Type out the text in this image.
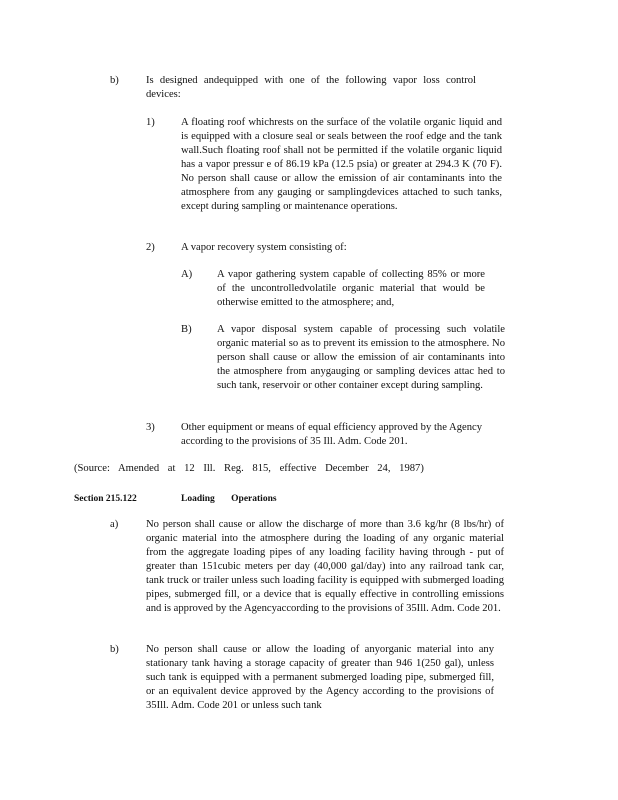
b)	Is designed andequipped with one of the following vapor loss control devices:
1) A floating roof whichrests on the surface of the volatile organic liquid and is equipped with a closure seal or seals between the roof edge and the tank wall.Such floating roof shall not be permitted if the volatile organic liquid has a vapor pressur e of 86.19 kPa (12.5 psia) or greater at 294.3 K (70 F). No person shall cause or allow the emission of air contaminants into the atmosphere from any gauging or samplingdevices attached to such tanks, except during sampling or maintenance operations.
2) A vapor recovery system consisting of:
A) A vapor gathering system capable of collecting 85% or more of the uncontrolledvolatile organic material that would be otherwise emitted to the atmosphere; and,
B) A vapor disposal system capable of processing such volatile organic material so as to prevent its emission to the atmosphere. No person shall cause or allow the emission of air contaminants into the atmosphere from anygauging or sampling devices attac hed to such tank, reservoir or other container except during sampling.
3) Other equipment or means of equal efficiency approved by the Agency according to the provisions of 35 Ill. Adm. Code 201.
(Source: Amended at 12 Ill. Reg. 815, effective December 24, 1987)
Section 215.122	Loading Operations
a)	No person shall cause or allow the discharge of more than 3.6 kg/hr (8 lbs/hr) of organic material into the atmosphere during the loading of any organic material from the aggregate loading pipes of any loading facility having through - put of greater than 151cubic meters per day (40,000 gal/day) into any railroad tank car, tank truck or trailer unless such loading facility is equipped with submerged loading pipes, submerged fill, or a device that is equally effective in controlling emissions and is approved by the Agencyaccording to the provisions of 35Ill. Adm. Code 201.
b)	No person shall cause or allow the loading of anyorganic material into any stationary tank having a storage capacity of greater than 946 1(250 gal), unless such tank is equipped with a permanent submerged loading pipe, submerged fill, or an equivalent device approved by the Agency according to the provisions of 35Ill. Adm. Code 201 or unless such tank
